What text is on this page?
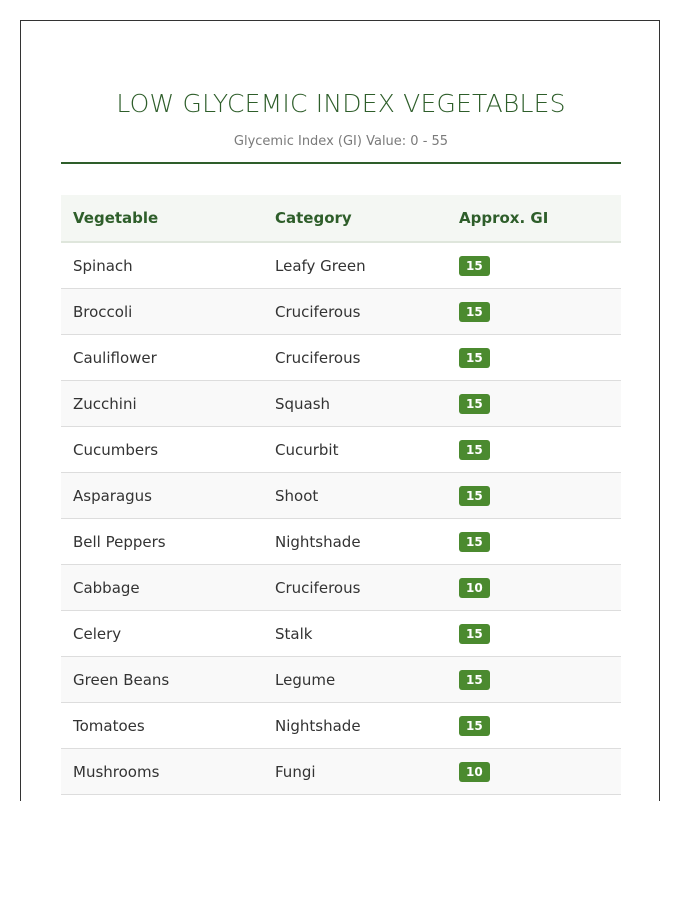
LOW GLYCEMIC INDEX VEGETABLES
Glycemic Index (GI) Value: 0 - 55
Vegetable	Category	Approx. GI
Spinach	Leafy Green	15
Broccoli	Cruciferous	15
Cauliflower	Cruciferous	15
Zucchini	Squash	15
Cucumbers	Cucurbit	15
Asparagus	Shoot	15
Bell Peppers	Nightshade	15
Cabbage	Cruciferous	10
Celery	Stalk	15
Green Beans	Legume	15
Tomatoes	Nightshade	15
Mushrooms	Fungi	10
